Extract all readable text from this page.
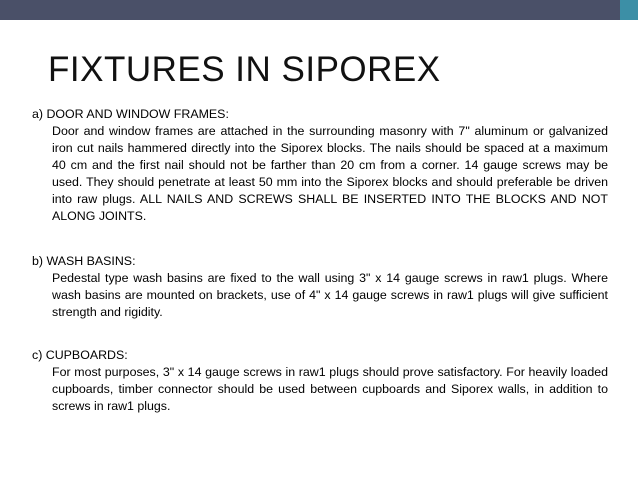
FIXTURES IN SIPOREX
a) DOOR AND WINDOW FRAMES:
Door and window frames are attached in the surrounding masonry with 7" aluminum or galvanized iron cut nails hammered directly into the Siporex blocks. The nails should be spaced at a maximum 40 cm and the first nail should not be farther than 20 cm from a corner. 14 gauge screws may be used. They should penetrate at least 50 mm into the Siporex blocks and should preferable be driven into raw plugs. ALL NAILS AND SCREWS SHALL BE INSERTED INTO THE BLOCKS AND NOT ALONG JOINTS.
b) WASH BASINS:
Pedestal type wash basins are fixed to the wall using 3" x 14 gauge screws in raw1 plugs. Where wash basins are mounted on brackets, use of 4" x 14 gauge screws in raw1 plugs will give sufficient strength and rigidity.
c) CUPBOARDS:
For most purposes, 3" x 14 gauge screws in raw1 plugs should prove satisfactory. For heavily loaded cupboards, timber connector should be used between cupboards and Siporex walls, in addition to screws in raw1 plugs.
